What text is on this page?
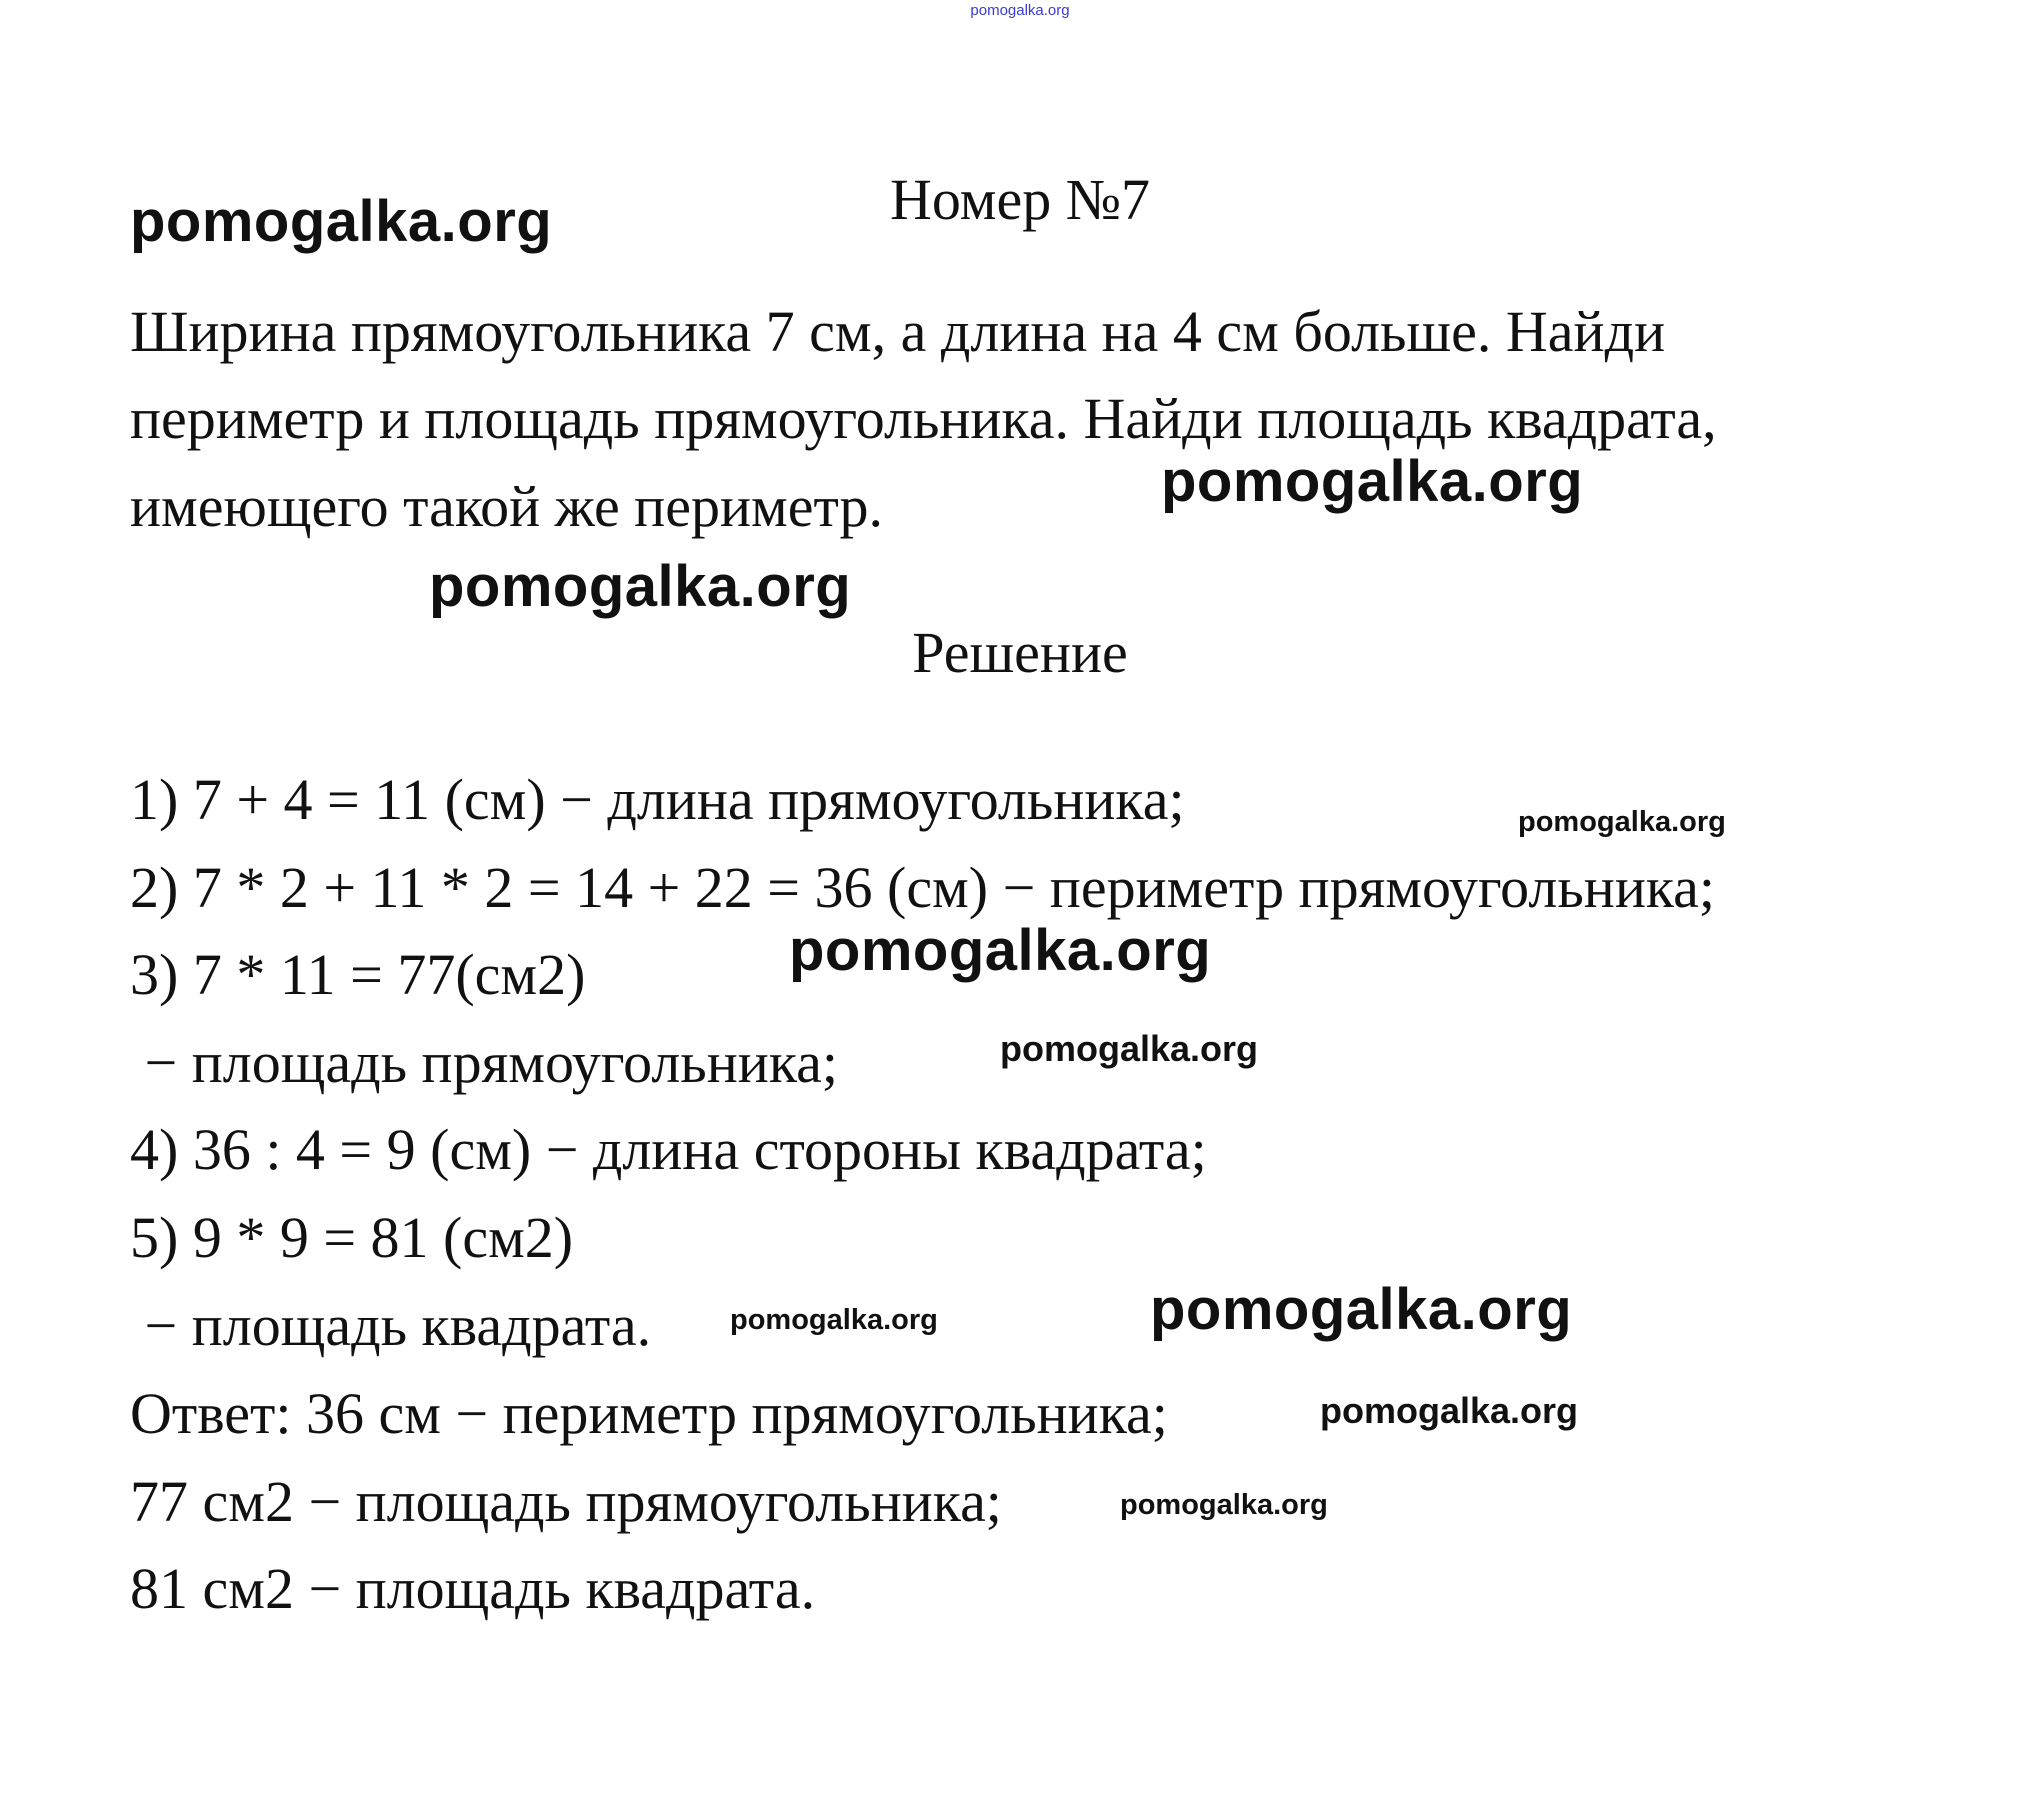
pomogalka.org
Номер №7
Ширина прямоугольника 7 см, а длина на 4 см больше. Найди
периметр и площадь прямоугольника. Найди площадь квадрата,
имеющего такой же периметр.
Решение
1) 7 + 4 = 11 (см) − длина прямоугольника;
2) 7 * 2 + 11 * 2 = 14 + 22 = 36 (см) − периметр прямоугольника;
3) 7 * 11 = 77(см2)
− площадь прямоугольника;
4) 36 : 4 = 9 (см) − длина стороны квадрата;
5) 9 * 9 = 81 (см2)
− площадь квадрата.
Ответ: 36 см − периметр прямоугольника;
77 см2 − площадь прямоугольника;
81 см2 − площадь квадрата.
pomogalka.org
pomogalka.org
pomogalka.org
pomogalka.org
pomogalka.org
pomogalka.org
pomogalka.org	pomogalka.org
pomogalka.org
pomogalka.org
